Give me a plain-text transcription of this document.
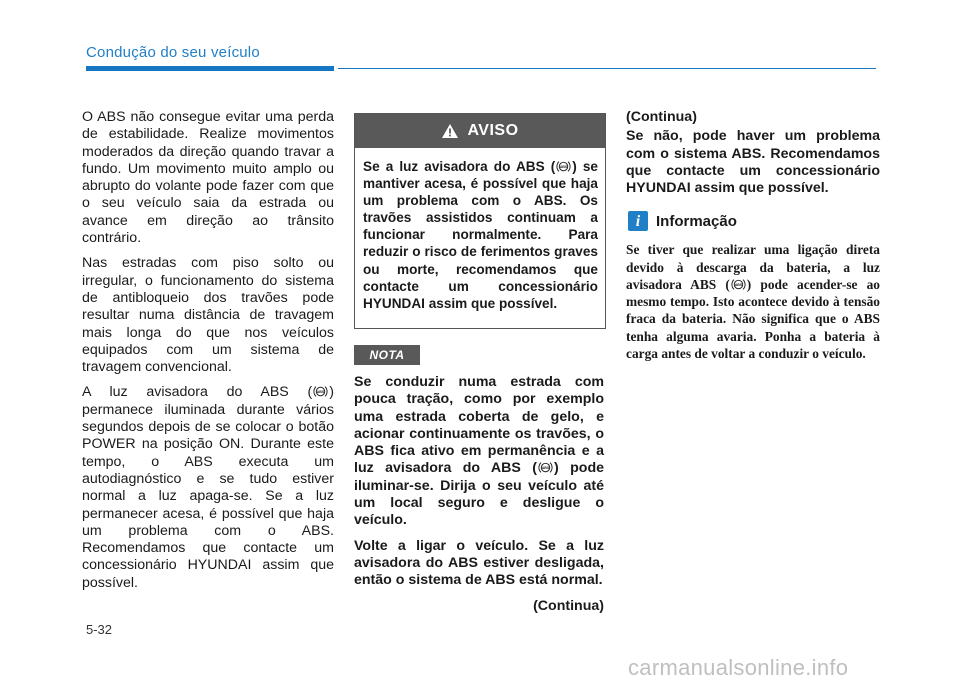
Condução do seu veículo

O ABS não consegue evitar uma perda de estabilidade. Realize movimentos moderados da direção quando travar a fundo. Um movimento muito amplo ou abrupto do volante pode fazer com que o seu veículo saia da estrada ou avance em direção ao trânsito contrário.

Nas estradas com piso solto ou irregular, o funcionamento do sistema de antibloqueio dos travões pode resultar numa distância de travagem mais longa do que nos veículos equipados com um sistema de travagem convencional.

A luz avisadora do ABS ( ABS ) permanece iluminada durante vários segundos depois de se colocar o botão POWER na posição ON. Durante este tempo, o ABS executa um autodiagnóstico e se tudo estiver normal a luz apaga-se. Se a luz permanecer acesa, é possível que haja um problema com o ABS. Recomendamos que contacte um concessionário HYUNDAI assim que possível.

AVISO
Se a luz avisadora do ABS ( ABS ) se mantiver acesa, é possível que haja um problema com o ABS. Os travões assistidos continuam a funcionar normalmente. Para reduzir o risco de ferimentos graves ou morte, recomendamos que contacte um concessionário HYUNDAI assim que possível.
NOTA

Se conduzir numa estrada com pouca tração, como por exemplo uma estrada coberta de gelo, e acionar continuamente os travões, o ABS fica ativo em permanência e a luz avisadora do ABS ( ABS ) pode iluminar-se. Dirija o seu veículo até um local seguro e desligue o veículo.

Volte a ligar o veículo. Se a luz avisadora do ABS estiver desligada, então o sistema de ABS está normal.

(Continua)

(Continua)

Se não, pode haver um problema com o sistema ABS. Recomendamos que contacte um concessionário HYUNDAI assim que possível.

i	Informação
Se tiver que realizar uma ligação direta devido à descarga da bateria, a luz avisadora ABS ( ABS ) pode acender-se ao mesmo tempo. Isto acontece devido à tensão fraca da bateria. Não significa que o ABS tenha alguma avaria. Ponha a bateria à carga antes de voltar a conduzir o veículo.
5-32
carmanualsonline.info
